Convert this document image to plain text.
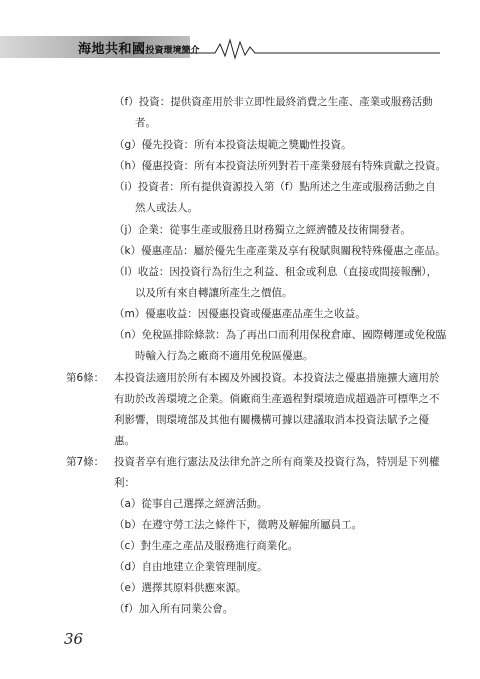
海地共和國投資環境簡介
（f）投資：提供資產用於非立即性最終消費之生產、產業或服務活動
者。
（g）優先投資：所有本投資法規範之獎勵性投資。
（h）優惠投資：所有本投資法所列對若干產業發展有特殊貢獻之投資。
（i）投資者：所有提供資源投入第（f）點所述之生產或服務活動之自
然人或法人。
（j）企業：從事生產或服務且財務獨立之經濟體及技術開發者。
（k）優惠產品：屬於優先生產產業及享有稅賦與關稅特殊優惠之產品。
（l）收益：因投資行為衍生之利益、租金或利息（直接或間接報酬），
以及所有來自轉讓所產生之價值。
（m）優惠收益：因優惠投資或優惠產品產生之收益。
（n）免稅區排除條款：為了再出口而利用保稅倉庫、國際轉運或免稅臨
時輸入行為之廠商不適用免稅區優惠。
第6條： 本投資法適用於所有本國及外國投資。本投資法之優惠措施擴大適用於
有助於改善環境之企業。倘廠商生產過程對環境造成超過許可標準之不
利影響，則環境部及其他有關機構可據以建議取消本投資法賦予之優
惠。
第7條： 投資者享有進行憲法及法律允許之所有商業及投資行為，特別是下列權
利：
（a）從事自己選擇之經濟活動。
（b）在遵守勞工法之條件下，徵聘及解僱所屬員工。
（c）對生產之產品及服務進行商業化。
（d）自由地建立企業管理制度。
（e）選擇其原料供應來源。
（f）加入所有同業公會。
36
